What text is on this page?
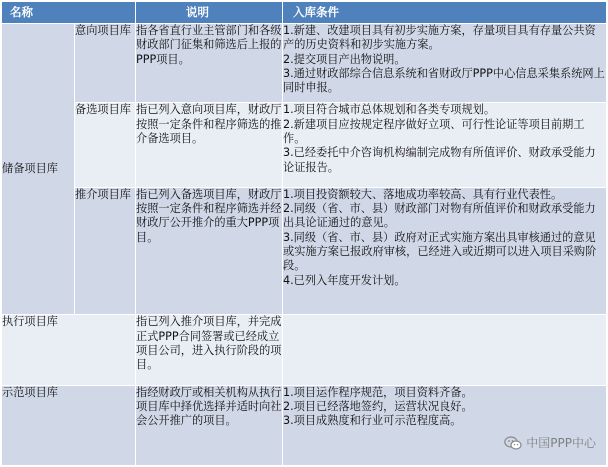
名称		说明	入库条件
储备项目库	意向项目库	指各省直行业主管部门和各级财政部门征集和筛选后上报的PPP项目。	1.新建、改建项目具有初步实施方案，存量项目具有存量公共资产的历史资料和初步实施方案。
2.提交项目产出物说明。
3.通过财政部综合信息系统和省财政厅PPP中心信息采集系统网上同时申报。

	备选项目库	指已列入意向项目库，财政厅按照一定条件和程序筛选的推介备选项目。	1.项目符合城市总体规划和各类专项规划。
2.新建项目应按规定程序做好立项、可行性论证等项目前期工作。
3.已经委托中介咨询机构编制完成物有所值评价、财政承受能力论证报告。

	推介项目库	指已列入备选项目库，财政厅按照一定条件和程序筛选并经财政厅公开推介的重大PPP项目。	1.项目投资额较大、落地成功率较高、具有行业代表性。
2.同级（省、市、县）财政部门对物有所值评价和财政承受能力出具论证通过的意见。
3.同级（省、市、县）政府对正式实施方案出具审核通过的意见或实施方案已报政府审核，已经进入或近期可以进入项目采购阶段。
4.已列入年度开发计划。

执行项目库		指已列入推介项目库，并完成正式PPP合同签署或已经成立项目公司，进入执行阶段的项目。	
示范项目库		指经财政厅或相关机构从执行项目库中择优选择并适时向社会公开推广的项目。	1.项目运作程序规范，项目资料齐备。
2.项目已经落地签约，运营状况良好。
3.项目成熟度和行业可示范程度高。
中国PPP中心
